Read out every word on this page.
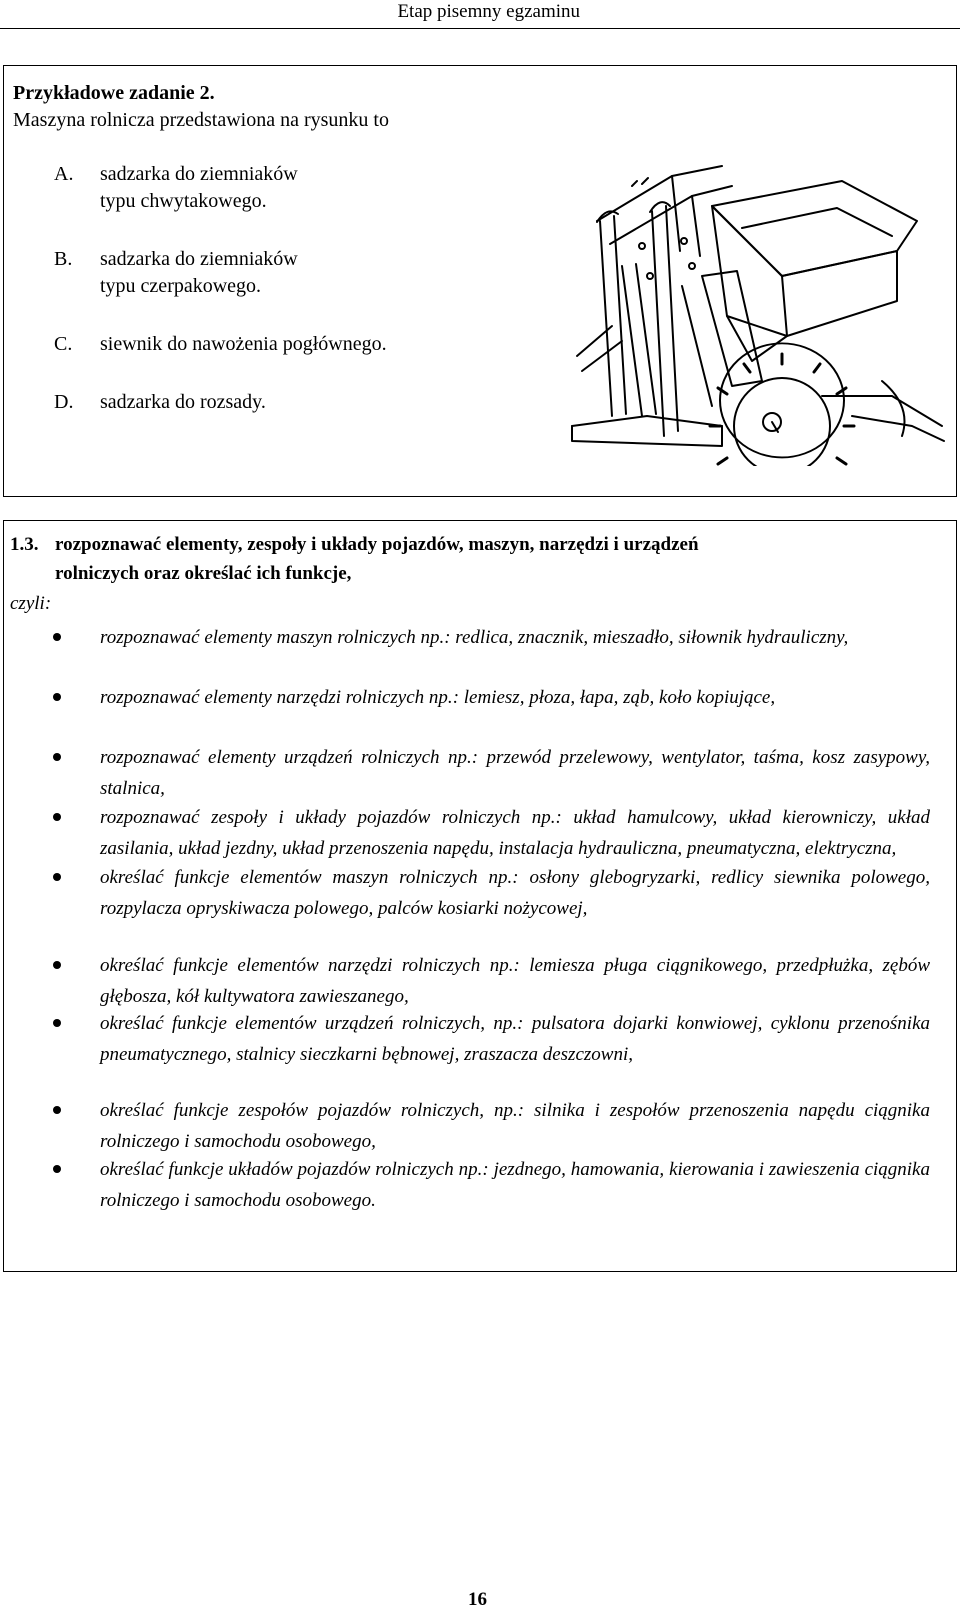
Etap pisemny egzaminu
Przykładowe zadanie 2.
Maszyna rolnicza przedstawiona na rysunku to
A.	sadzarka do ziemniaków
typu chwytakowego.
B.	sadzarka do ziemniaków
typu czerpakowego.
C.	siewnik do nawożenia pogłównego.
D.	sadzarka do rozsady.
1.3. rozpoznawać elementy, zespoły i układy pojazdów, maszyn, narzędzi i urządzeń
rolniczych oraz określać ich funkcje,
czyli:
rozpoznawać elementy maszyn rolniczych np.: redlica, znacznik, mieszadło, siłownik hydrauliczny,
rozpoznawać elementy narzędzi rolniczych np.: lemiesz, płoza, łapa, ząb, koło kopiujące,
rozpoznawać elementy urządzeń rolniczych np.: przewód przelewowy, wentylator, taśma, kosz zasypowy, stalnica,
rozpoznawać zespoły i układy pojazdów rolniczych np.: układ hamulcowy, układ kierowniczy, układ zasilania, układ jezdny, układ przenoszenia napędu, instalacja hydrauliczna, pneumatyczna, elektryczna,
określać funkcje elementów maszyn rolniczych np.: osłony glebogryzarki, redlicy siewnika polowego, rozpylacza opryskiwacza polowego, palców kosiarki nożycowej,
określać funkcje elementów narzędzi rolniczych np.: lemiesza pługa ciągnikowego, przedpłużka, zębów głębosza, kół kultywatora zawieszanego,
określać funkcje elementów urządzeń rolniczych, np.: pulsatora dojarki konwiowej, cyklonu przenośnika pneumatycznego, stalnicy sieczkarni bębnowej, zraszacza deszczowni,
określać funkcje zespołów pojazdów rolniczych, np.: silnika i zespołów przenoszenia napędu ciągnika rolniczego i samochodu osobowego,
określać funkcje układów pojazdów rolniczych np.: jezdnego, hamowania, kierowania i zawieszenia ciągnika rolniczego i samochodu osobowego.
16
